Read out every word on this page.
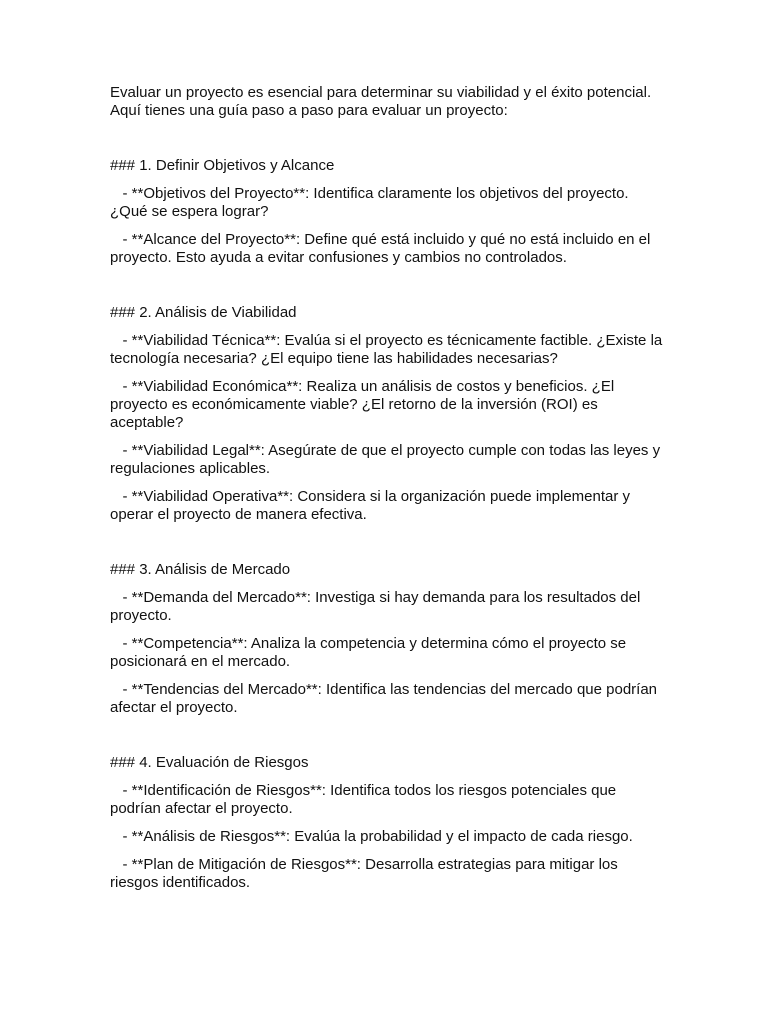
Evaluar un proyecto es esencial para determinar su viabilidad y el éxito potencial. Aquí tienes una guía paso a paso para evaluar un proyecto:

### 1. Definir Objetivos y Alcance

- **Objetivos del Proyecto**: Identifica claramente los objetivos del proyecto. ¿Qué se espera lograr?

- **Alcance del Proyecto**: Define qué está incluido y qué no está incluido en el proyecto. Esto ayuda a evitar confusiones y cambios no controlados.

### 2. Análisis de Viabilidad

- **Viabilidad Técnica**: Evalúa si el proyecto es técnicamente factible. ¿Existe la tecnología necesaria? ¿El equipo tiene las habilidades necesarias?

- **Viabilidad Económica**: Realiza un análisis de costos y beneficios. ¿El proyecto es económicamente viable? ¿El retorno de la inversión (ROI) es aceptable?

- **Viabilidad Legal**: Asegúrate de que el proyecto cumple con todas las leyes y regulaciones aplicables.

- **Viabilidad Operativa**: Considera si la organización puede implementar y operar el proyecto de manera efectiva.

### 3. Análisis de Mercado

- **Demanda del Mercado**: Investiga si hay demanda para los resultados del proyecto.

- **Competencia**: Analiza la competencia y determina cómo el proyecto se posicionará en el mercado.

- **Tendencias del Mercado**: Identifica las tendencias del mercado que podrían afectar el proyecto.

### 4. Evaluación de Riesgos

- **Identificación de Riesgos**: Identifica todos los riesgos potenciales que podrían afectar el proyecto.

- **Análisis de Riesgos**: Evalúa la probabilidad y el impacto de cada riesgo.

- **Plan de Mitigación de Riesgos**: Desarrolla estrategias para mitigar los riesgos identificados.
